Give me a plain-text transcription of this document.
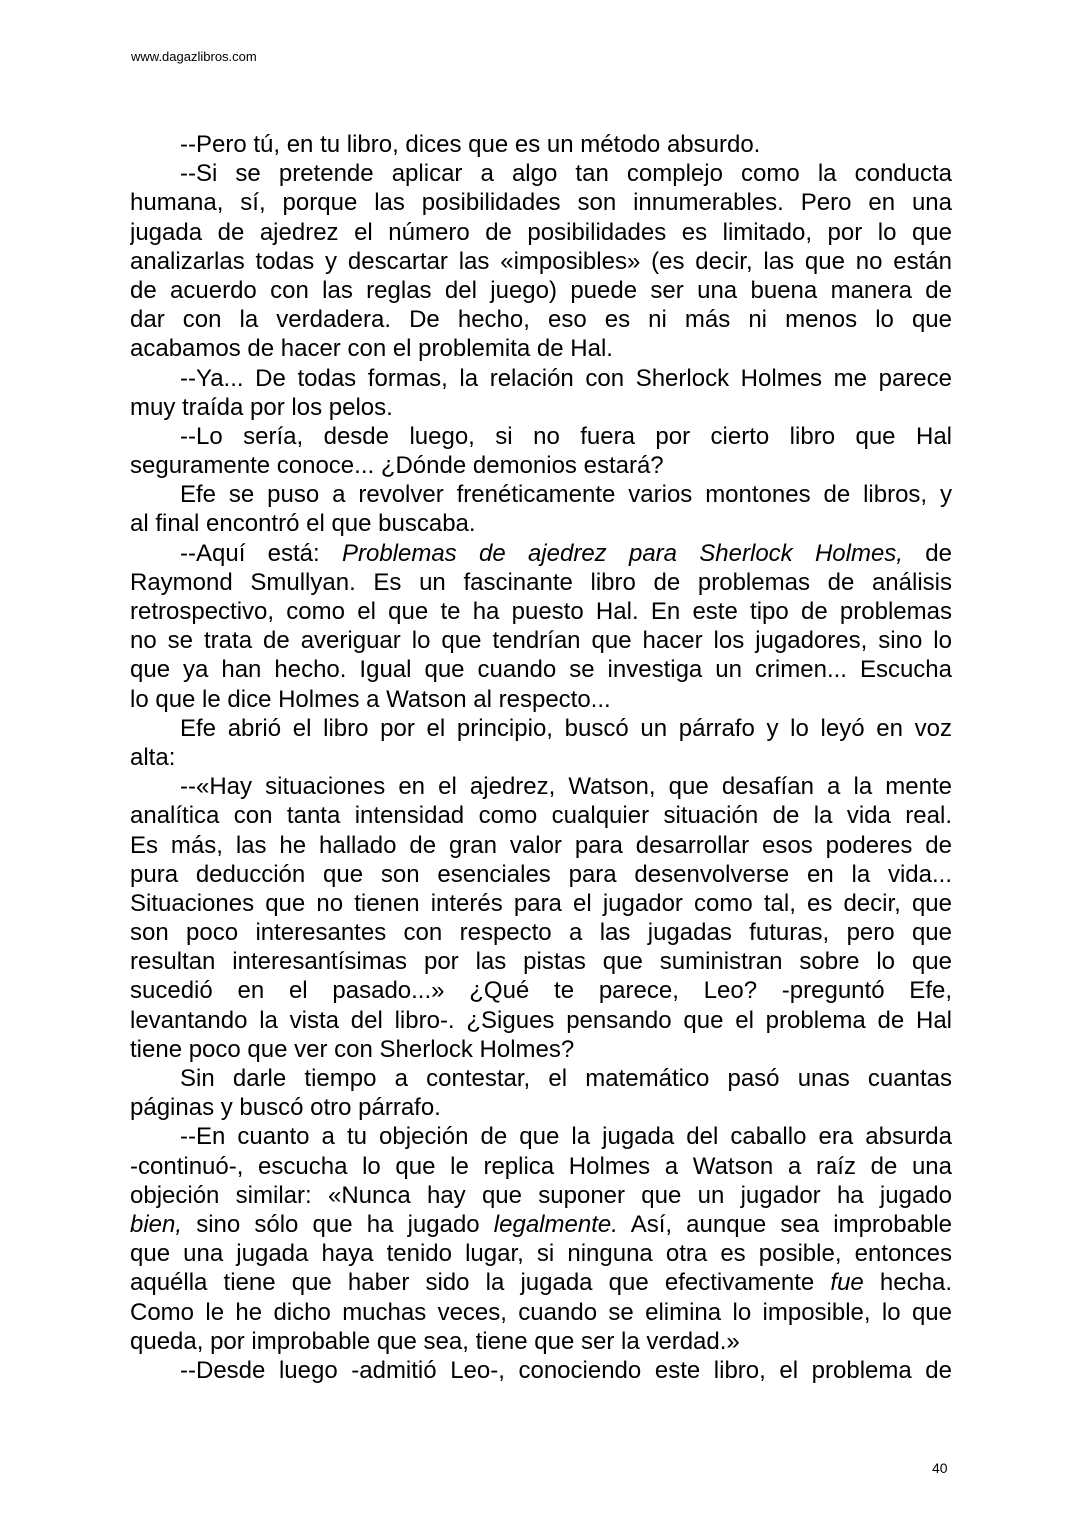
www.dagazlibros.com
--Pero tú, en tu libro, dices que es un método absurdo.
--Si se pretende aplicar a algo tan complejo como la conducta
humana, sí, porque las posibilidades son innumerables. Pero en una
jugada de ajedrez el número de posibilidades es limitado, por lo que
analizarlas todas y descartar las «imposibles» (es decir, las que no están
de acuerdo con las reglas del juego) puede ser una buena manera de
dar con la verdadera. De hecho, eso es ni más ni menos lo que
acabamos de hacer con el problemita de Hal.
--Ya... De todas formas, la relación con Sherlock Holmes me parece
muy traída por los pelos.
--Lo sería, desde luego, si no fuera por cierto libro que Hal
seguramente conoce... ¿Dónde demonios estará?
Efe se puso a revolver frenéticamente varios montones de libros, y
al final encontró el que buscaba.
--Aquí está: Problemas de ajedrez para Sherlock Holmes, de
Raymond Smullyan. Es un fascinante libro de problemas de análisis
retrospectivo, como el que te ha puesto Hal. En este tipo de problemas
no se trata de averiguar lo que tendrían que hacer los jugadores, sino lo
que ya han hecho. Igual que cuando se investiga un crimen... Escucha
lo que le dice Holmes a Watson al respecto...
Efe abrió el libro por el principio, buscó un párrafo y lo leyó en voz
alta:
--«Hay situaciones en el ajedrez, Watson, que desafían a la mente
analítica con tanta intensidad como cualquier situación de la vida real.
Es más, las he hallado de gran valor para desarrollar esos poderes de
pura deducción que son esenciales para desenvolverse en la vida...
Situaciones que no tienen interés para el jugador como tal, es decir, que
son poco interesantes con respecto a las jugadas futuras, pero que
resultan interesantísimas por las pistas que suministran sobre lo que
sucedió en el pasado...» ¿Qué te parece, Leo? -preguntó Efe,
levantando la vista del libro-. ¿Sigues pensando que el problema de Hal
tiene poco que ver con Sherlock Holmes?
Sin darle tiempo a contestar, el matemático pasó unas cuantas
páginas y buscó otro párrafo.
--En cuanto a tu objeción de que la jugada del caballo era absurda
-continuó-, escucha lo que le replica Holmes a Watson a raíz de una
objeción similar: «Nunca hay que suponer que un jugador ha jugado
bien, sino sólo que ha jugado legalmente. Así, aunque sea improbable
que una jugada haya tenido lugar, si ninguna otra es posible, entonces
aquélla tiene que haber sido la jugada que efectivamente fue hecha.
Como le he dicho muchas veces, cuando se elimina lo imposible, lo que
queda, por improbable que sea, tiene que ser la verdad.»
--Desde luego -admitió Leo-, conociendo este libro, el problema de
40
